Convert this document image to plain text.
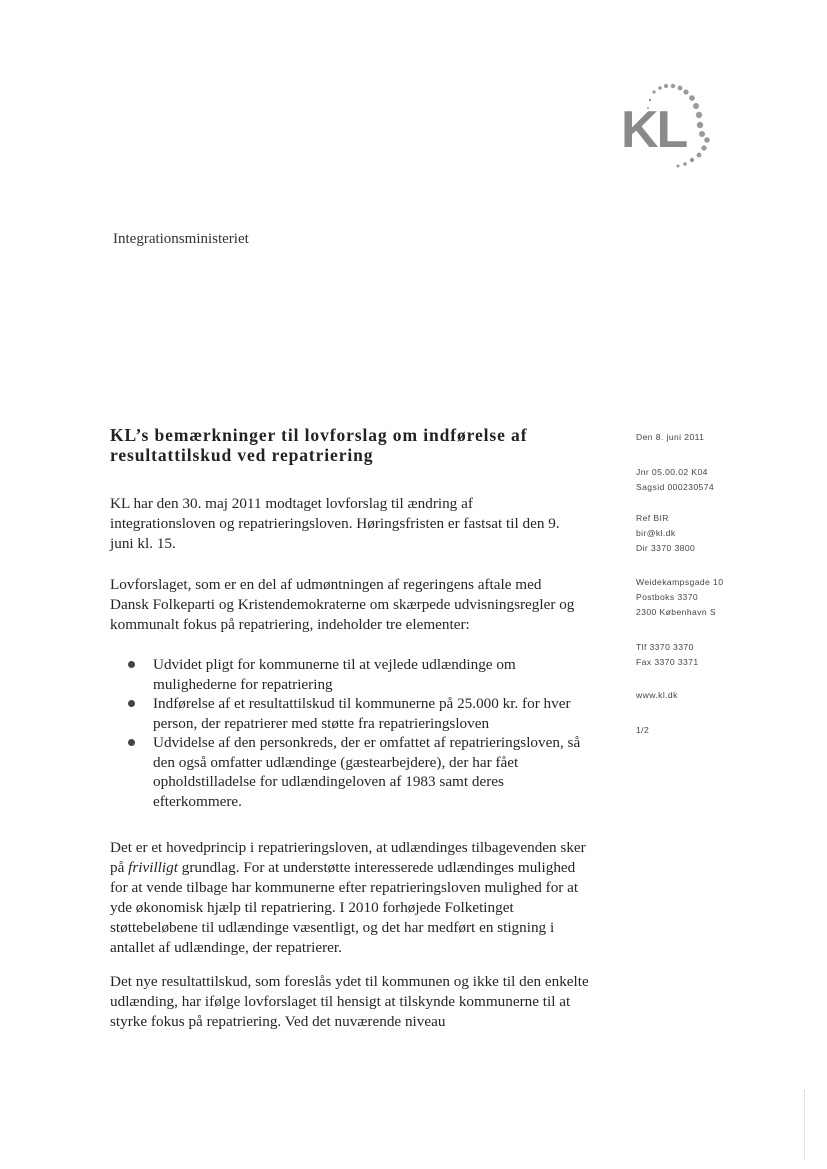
KL
Integrationsministeriet
KL’s bemærkninger til lovforslag om indførelse af resultattilskud ved repatriering

KL har den 30. maj 2011 modtaget lovforslag til ændring af integrationsloven og repatrieringsloven. Høringsfristen er fastsat til den 9. juni kl. 15.

Lovforslaget, som er en del af udmøntningen af regeringens aftale med Dansk Folkeparti og Kristendemokraterne om skærpede udvisningsregler og kommunalt fokus på repatriering, indeholder tre elementer:

Udvidet pligt for kommunerne til at vejlede udlændinge om mulighederne for repatriering
Indførelse af et resultattilskud til kommunerne på 25.000 kr. for hver person, der repatrierer med støtte fra repatrieringsloven
Udvidelse af den personkreds, der er omfattet af repatrieringsloven, så den også omfatter udlændinge (gæstearbejdere), der har fået opholdstilladelse for udlændingeloven af 1983 samt deres efterkommere.

Det er et hovedprincip i repatrieringsloven, at udlændinges tilbagevenden sker på frivilligt grundlag. For at understøtte interesserede udlændinges mulighed for at vende tilbage har kommunerne efter repatrieringsloven mulighed for at yde økonomisk hjælp til repatriering. I 2010 forhøjede Folketinget støttebeløbene til udlændinge væsentligt, og det har medført en stigning i antallet af udlændinge, der repatrierer.

Det nye resultattilskud, som foreslås ydet til kommunen og ikke til den enkelte udlænding, har ifølge lovforslaget til hensigt at tilskynde kommunerne til at styrke fokus på repatriering. Ved det nuværende niveau

Den 8. juni 2011
Jnr 05.00.02 K04
Sagsid 000230574
Ref BIR
bir@kl.dk
Dir 3370 3800
Weidekampsgade 10
Postboks 3370
2300 København S
Tlf 3370 3370
Fax 3370 3371
www.kl.dk
1/2
